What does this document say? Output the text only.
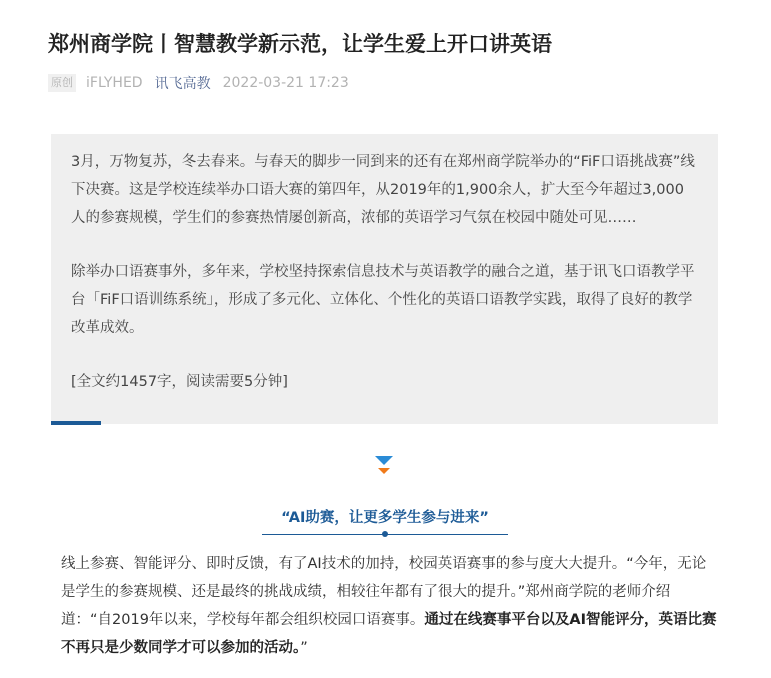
郑州商学院丨智慧教学新示范，让学生爱上开口讲英语
原创 iFLYHED 讯飞高教 2022-03-21 17:23

3月，万物复苏，冬去春来。与春天的脚步一同到来的还有在郑州商学院举办的“FiF口语挑战赛”线下决赛。这是学校连续举办口语大赛的第四年，从2019年的1,900余人，扩大至今年超过3,000人的参赛规模，学生们的参赛热情屡创新高，浓郁的英语学习气氛在校园中随处可见……

除举办口语赛事外，多年来，学校坚持探索信息技术与英语教学的融合之道，基于讯飞口语教学平台「FiF口语训练系统」，形成了多元化、立体化、个性化的英语口语教学实践，取得了良好的教学改革成效。

[全文约1457字，阅读需要5分钟]

“AI助赛，让更多学生参与进来”

线上参赛、智能评分、即时反馈，有了AI技术的加持，校园英语赛事的参与度大大提升。“今年，无论是学生的参赛规模、还是最终的挑战成绩，相较往年都有了很大的提升。”郑州商学院的老师介绍道：“自2019年以来，学校每年都会组织校园口语赛事。通过在线赛事平台以及AI智能评分，英语比赛不再只是少数同学才可以参加的活动。”
